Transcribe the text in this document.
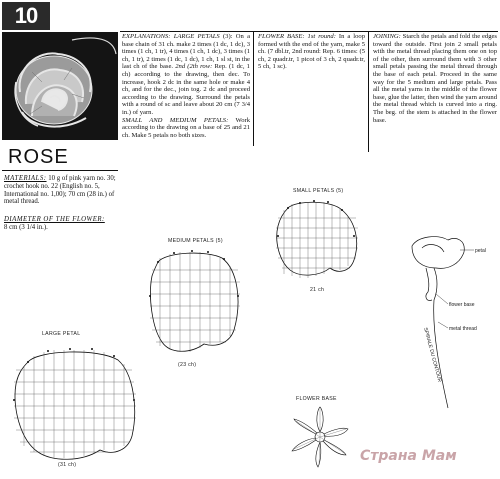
10
ROSE
MATERIALS: 10 g of pink yarn no. 30; crochet hook no. 22 (English no. 5, International no. 1,00); 70 cm (28 in.) of metal thread.
DIAMETER OF THE FLOWER:
8 cm (3 1/4 in.).
EXPLANATIONS: LARGE PETALS (3): On a base chain of 31 ch. make 2 times (1 dc, 1 dc), 3 times (1 ch, 1 tr), 4 times (1 ch, 1 dc), 3 times (1 ch, 1 tr), 2 times (1 dc, 1 dc), 1 ch, 1 sl st, in the last ch of the base. 2nd (2th row: Rep. (1 dc, 1 ch) according to the drawing, then dec. To increase, hook 2 dc in the same hole or make 4 ch, and for the dec., join tog. 2 dc and proceed according to the drawing. Surround the petals with a round of sc and leave about 20 cm (7 3/4 in.) of yarn.
SMALL AND MEDIUM PETALS: Work according to the drawing on a base of 25 and 21 ch. Make 5 petals no both sizes.
FLOWER BASE: 1st round: In a loop formed with the end of the yarn, make 5 ch. (7 dbl.tr, 2nd round: Rep. 6 times: (5 ch, 2 quadr.tr, 1 picot of 3 ch, 2 quadr.tr, 5 ch, 1 sc).
JOINING: Starch the petals and fold the edges toward the outside. First join 2 small petals with the metal thread placing them one on top of the other, then surround them with 3 other small petals passing the metal thread through the base of each petal. Proceed in the same way for the 5 medium and large petals. Pass all the metal yarns in the middle of the flower base, glue the latter, then wind the yarn around the metal thread which is curved into a ring. The beg. of the stem is attached in the flower base.
SMALL PETALS (5)
21 ch
MEDIUM PETALS (5)
(23 ch)
LARGE PETAL
(31 ch)
FLOWER BASE
petal
flower base
metal thread
SPIRALE DU CONTOUR
Страна Мам
